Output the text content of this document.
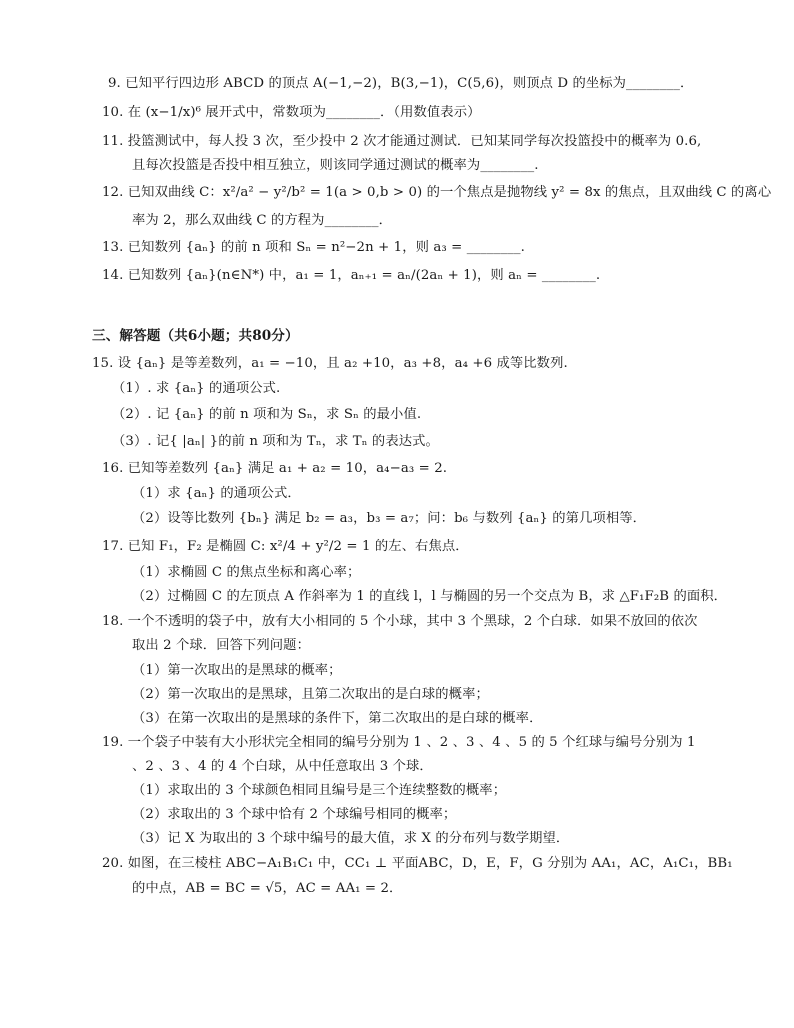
9. 已知平行四边形 ABCD 的顶点 A(−1,−2)，B(3,−1)，C(5,6)，则顶点 D 的坐标为________．
10. 在 (x−1/x)⁶ 展开式中，常数项为________．（用数值表示）
11. 投篮测试中，每人投 3 次，至少投中 2 次才能通过测试．已知某同学每次投篮投中的概率为 0.6,
且每次投篮是否投中相互独立，则该同学通过测试的概率为________.
12. 已知双曲线 C：x²/a² − y²/b² = 1(a > 0,b > 0) 的一个焦点是抛物线 y² = 8x 的焦点，且双曲线 C 的离心
率为 2，那么双曲线 C 的方程为________．
13. 已知数列 {aₙ} 的前 n 项和 Sₙ = n²−2n + 1，则 a₃ = ________.
14. 已知数列 {aₙ}(n∈N*) 中，a₁ = 1，aₙ₊₁ = aₙ/(2aₙ + 1)，则 aₙ = ________.
三、解答题（共6小题；共80分）
15. 设 {aₙ} 是等差数列，a₁ = −10，且 a₂ +10，a₃ +8，a₄ +6 成等比数列.
（1）. 求 {aₙ} 的通项公式.
（2）. 记 {aₙ} 的前 n 项和为 Sₙ，求 Sₙ 的最小值.
（3）. 记{ |aₙ| }的前 n 项和为 Tₙ，求 Tₙ 的表达式。
16. 已知等差数列 {aₙ} 满足 a₁ + a₂ = 10，a₄−a₃ = 2.
（1）求 {aₙ} 的通项公式．
（2）设等比数列 {bₙ} 满足 b₂ = a₃，b₃ = a₇；问：b₆ 与数列 {aₙ} 的第几项相等．
17. 已知 F₁，F₂ 是椭圆 C: x²/4 + y²/2 = 1 的左、右焦点．
（1）求椭圆 C 的焦点坐标和离心率；
（2）过椭圆 C 的左顶点 A 作斜率为 1 的直线 l，l 与椭圆的另一个交点为 B，求 △F₁F₂B 的面积．
18. 一个不透明的袋子中，放有大小相同的 5 个小球，其中 3 个黑球，2 个白球．如果不放回的依次
取出 2 个球．回答下列问题：
（1）第一次取出的是黑球的概率；
（2）第一次取出的是黑球，且第二次取出的是白球的概率；
（3）在第一次取出的是黑球的条件下，第二次取出的是白球的概率．
19. 一个袋子中装有大小形状完全相同的编号分别为 1 、2 、3 、4 、5 的 5 个红球与编号分别为 1
、2 、3 、4 的 4 个白球，从中任意取出 3 个球．
（1）求取出的 3 个球颜色相同且编号是三个连续整数的概率；
（2）求取出的 3 个球中恰有 2 个球编号相同的概率；
（3）记 X 为取出的 3 个球中编号的最大值，求 X 的分布列与数学期望．
20. 如图，在三棱柱 ABC−A₁B₁C₁ 中，CC₁ ⊥ 平面ABC，D，E，F，G 分别为 AA₁，AC，A₁C₁，BB₁
的中点，AB = BC = √5，AC = AA₁ = 2．
